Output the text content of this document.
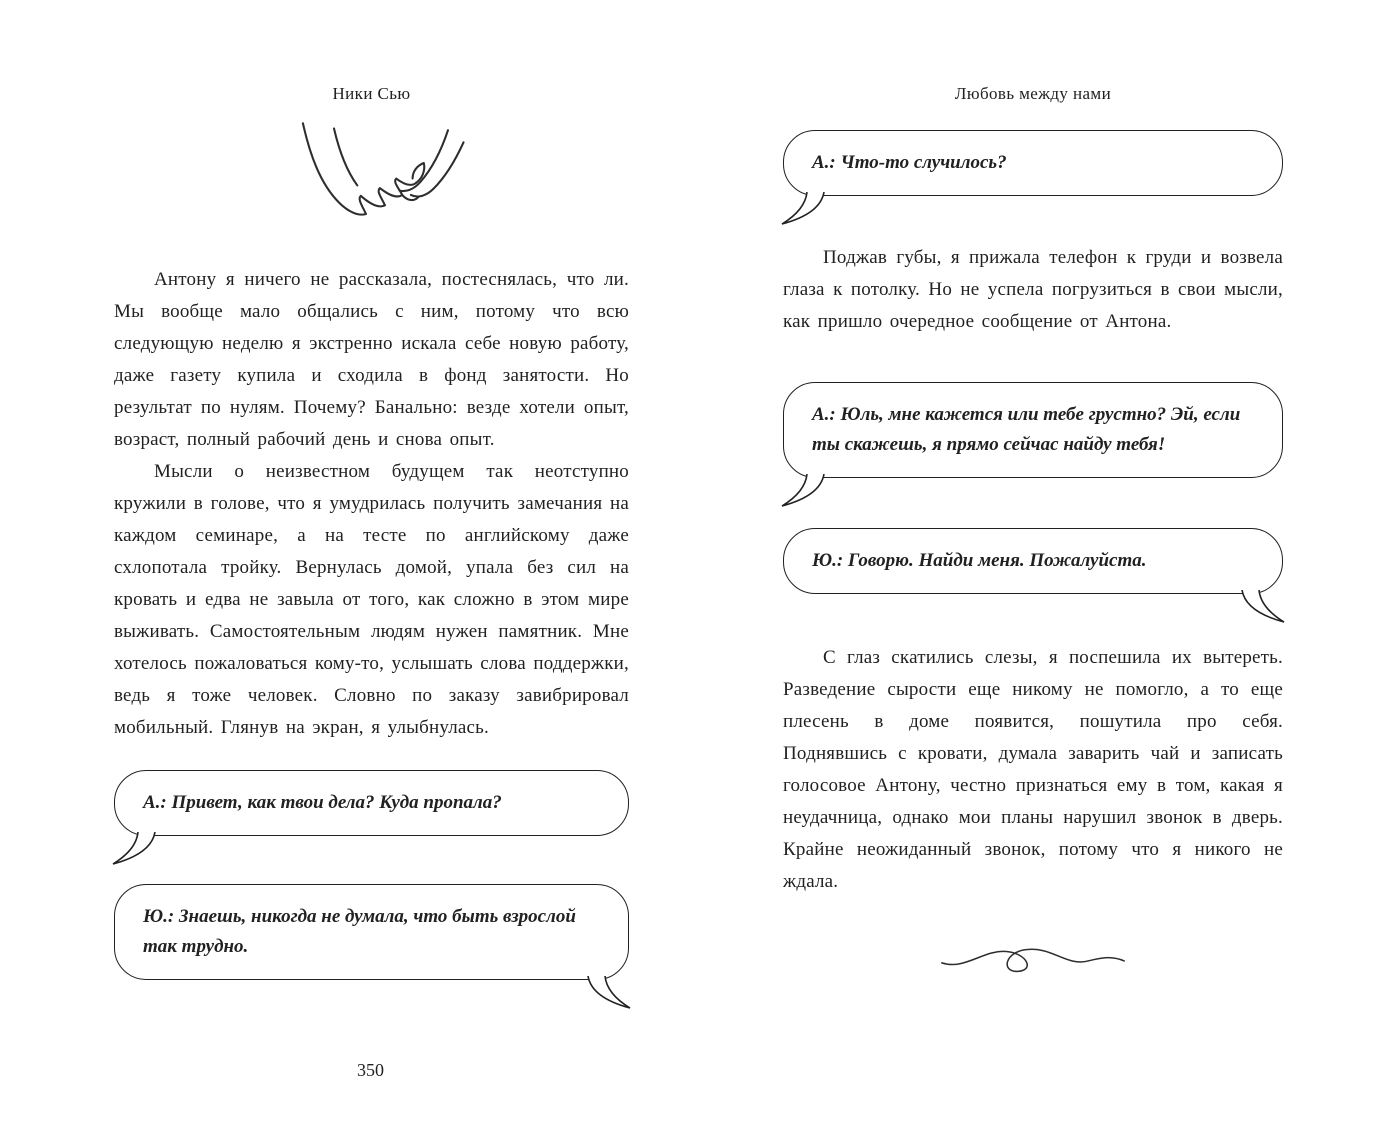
Ники Сью

Антону я ничего не рассказала, постеснялась, что ли. Мы вообще мало общались с ним, потому что всю следующую неделю я экстренно искала себе новую работу, даже газету купила и сходила в фонд занятости. Но результат по нулям. Почему? Банально: везде хотели опыт, возраст, полный рабочий день и снова опыт.

Мысли о неизвестном будущем так неотступно кружили в голове, что я умудрилась получить замечания на каждом семинаре, а на тесте по английскому даже схлопотала тройку. Вернулась домой, упала без сил на кровать и едва не завыла от того, как сложно в этом мире выживать. Самостоятельным людям нужен памятник. Мне хотелось пожаловаться кому-то, услышать слова поддержки, ведь я тоже человек. Словно по заказу завибрировал мобильный. Глянув на экран, я улыбнулась.

А.: Привет, как твои дела? Куда пропала?
Ю.: Знаешь, никогда не думала, что быть взрослой так трудно.
350
Любовь между нами
А.: Что-то случилось?

Поджав губы, я прижала телефон к груди и возвела глаза к потолку. Но не успела погрузиться в свои мысли, как пришло очередное сообщение от Антона.

А.: Юль, мне кажется или тебе грустно? Эй, если ты скажешь, я прямо сейчас найду тебя!
Ю.: Говорю. Найди меня. Пожалуйста.

С глаз скатились слезы, я поспешила их вытереть. Разведение сырости еще никому не помогло, а то еще плесень в доме появится, пошутила про себя. Поднявшись с кровати, думала заварить чай и записать голосовое Антону, честно признаться ему в том, какая я неудачница, однако мои планы нарушил звонок в дверь. Крайне неожиданный звонок, потому что я никого не ждала.
